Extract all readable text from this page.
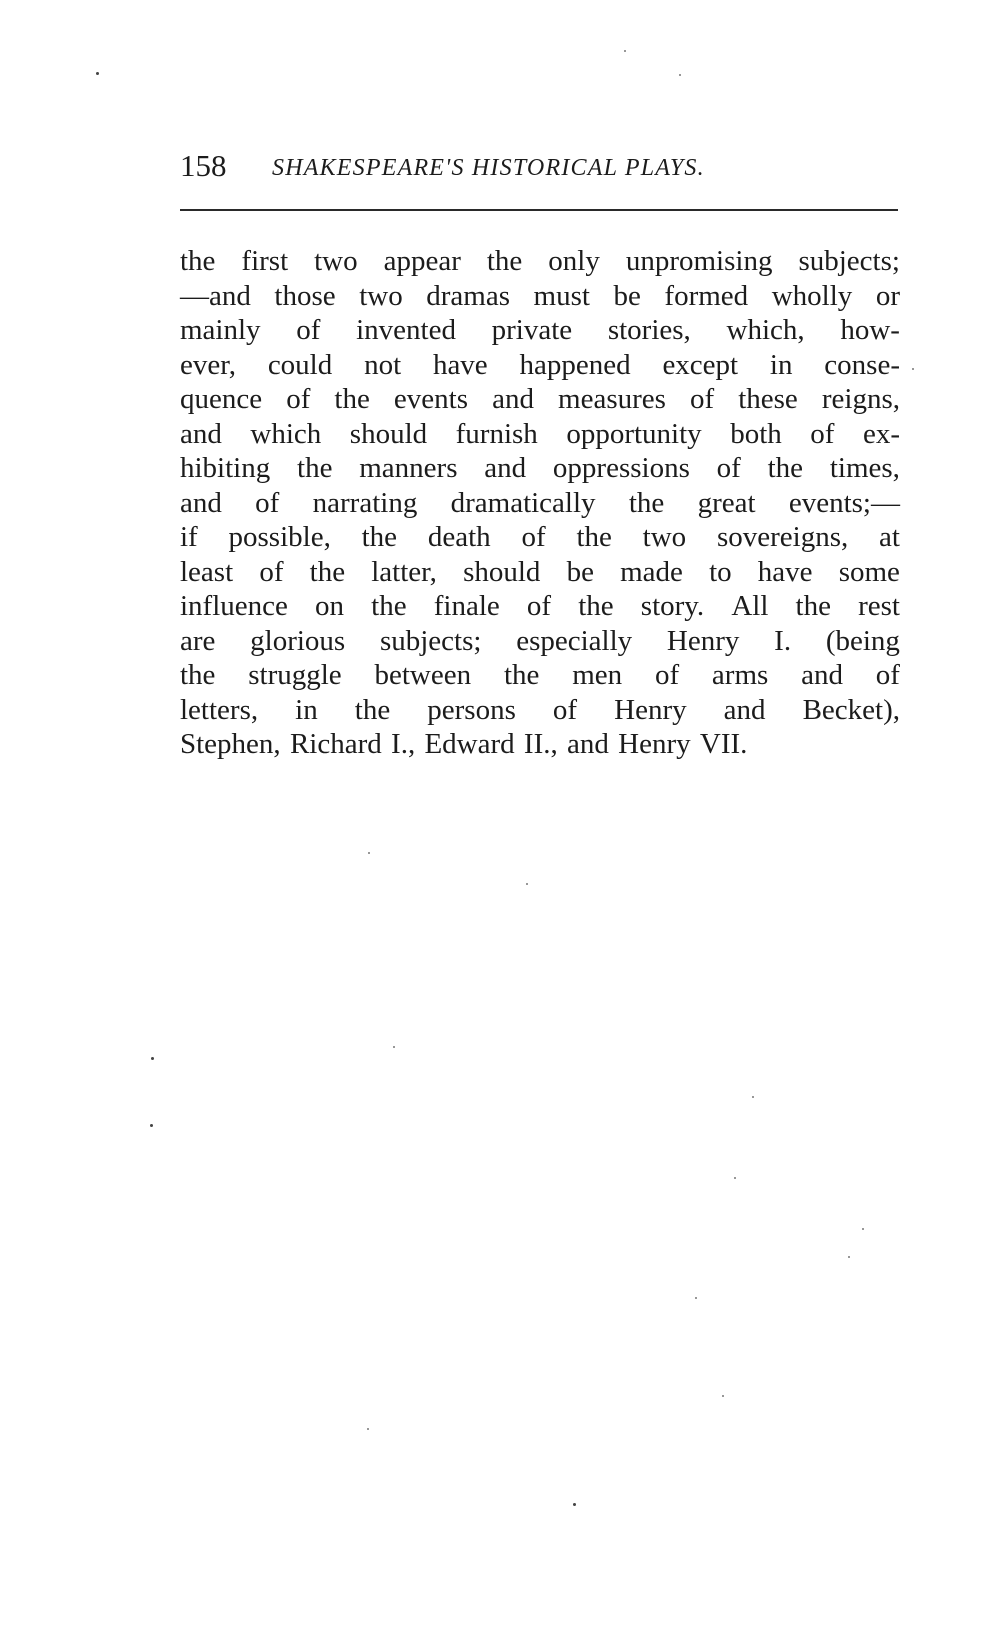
158 SHAKESPEARE'S HISTORICAL PLAYS.
the first two appear the only unpromising subjects;
—and those two dramas must be formed wholly or
mainly of invented private stories, which, how-
ever, could not have happened except in conse-
quence of the events and measures of these reigns,
and which should furnish opportunity both of ex-
hibiting the manners and oppressions of the times,
and of narrating dramatically the great events;—
if possible, the death of the two sovereigns, at
least of the latter, should be made to have some
influence on the finale of the story. All the rest
are glorious subjects; especially Henry I. (being
the struggle between the men of arms and of
letters, in the persons of Henry and Becket),
Stephen, Richard I., Edward II., and Henry VII.
